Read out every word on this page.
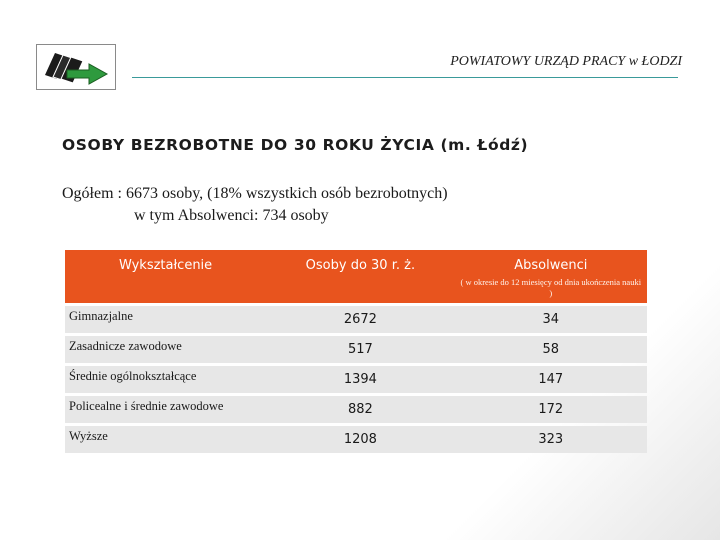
POWIATOWY URZĄD PRACY w ŁODZI
OSOBY BEZROBOTNE DO 30 ROKU ŻYCIA (m. Łódź)
Ogółem : 6673 osoby, (18% wszystkich osób bezrobotnych)
w tym Absolwenci: 734 osoby
Wykształcenie	Osoby do 30 r. ż.	Absolwenci
( w okresie do 12 miesięcy od dnia ukończenia nauki )

Gimnazjalne	2672	34
Zasadnicze zawodowe	517	58
Średnie ogólnokształcące	1394	147
Policealne i średnie zawodowe	882	172
Wyższe	1208	323
